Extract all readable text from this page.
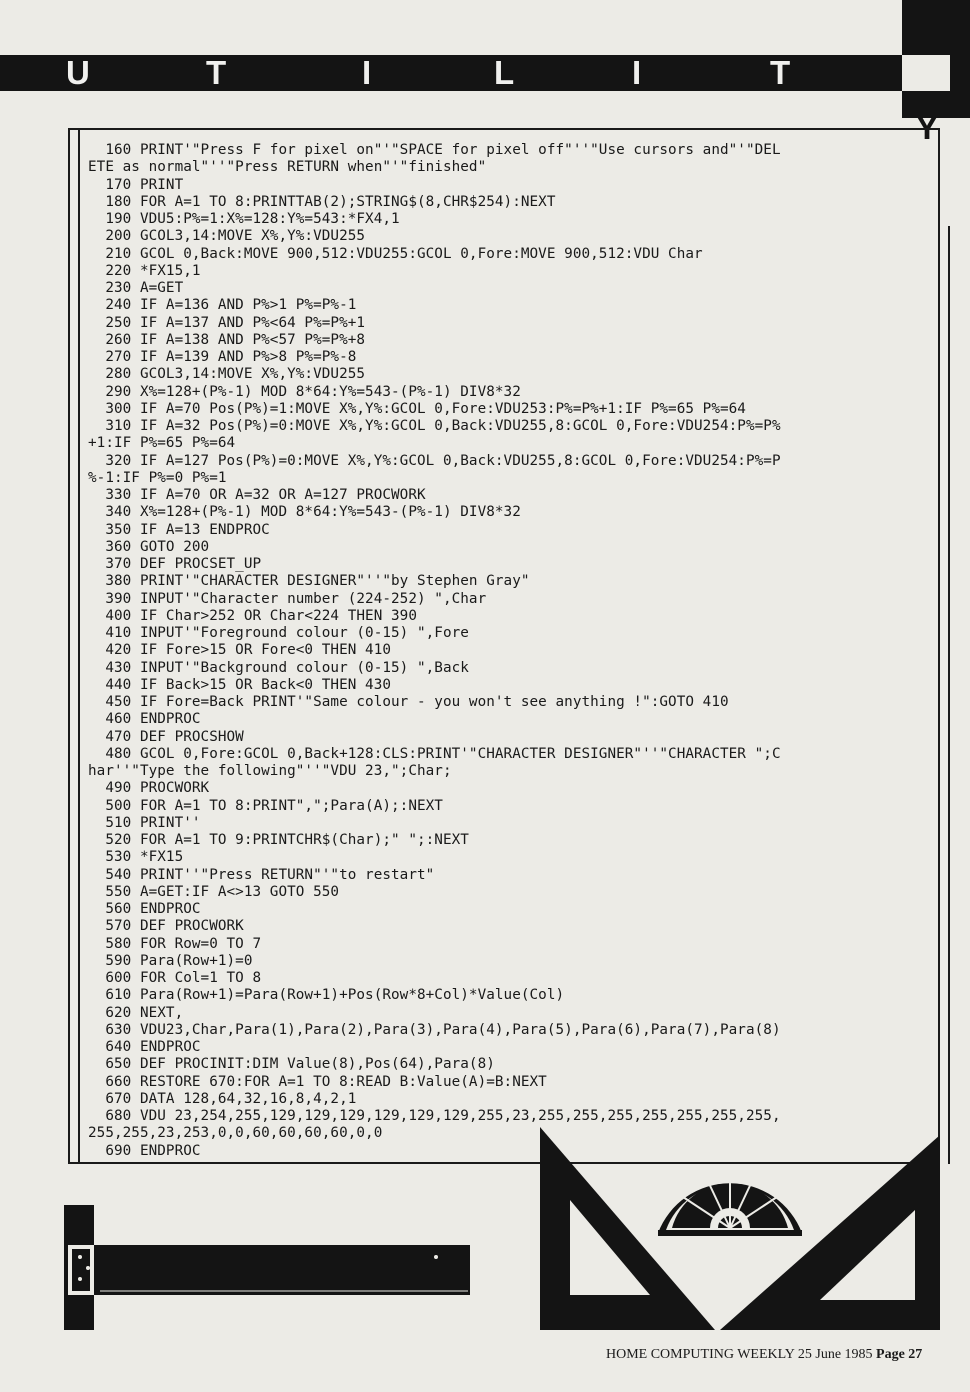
U	T	I	L	I	T
Y
160 PRINT'"Press F for pixel on"'"SPACE for pixel off"''"Use cursors and"'"DEL
ETE as normal"''"Press RETURN when"'"finished"
170 PRINT
180 FOR A=1 TO 8:PRINTTAB(2);STRING$(8,CHR$254):NEXT
190 VDU5:P%=1:X%=128:Y%=543:*FX4,1
200 GCOL3,14:MOVE X%,Y%:VDU255
210 GCOL 0,Back:MOVE 900,512:VDU255:GCOL 0,Fore:MOVE 900,512:VDU Char
220 *FX15,1
230 A=GET
240 IF A=136 AND P%>1 P%=P%-1
250 IF A=137 AND P%<64 P%=P%+1
260 IF A=138 AND P%<57 P%=P%+8
270 IF A=139 AND P%>8 P%=P%-8
280 GCOL3,14:MOVE X%,Y%:VDU255
290 X%=128+(P%-1) MOD 8*64:Y%=543-(P%-1) DIV8*32
300 IF A=70 Pos(P%)=1:MOVE X%,Y%:GCOL 0,Fore:VDU253:P%=P%+1:IF P%=65 P%=64
310 IF A=32 Pos(P%)=0:MOVE X%,Y%:GCOL 0,Back:VDU255,8:GCOL 0,Fore:VDU254:P%=P%
+1:IF P%=65 P%=64
320 IF A=127 Pos(P%)=0:MOVE X%,Y%:GCOL 0,Back:VDU255,8:GCOL 0,Fore:VDU254:P%=P
%-1:IF P%=0 P%=1
330 IF A=70 OR A=32 OR A=127 PROCWORK
340 X%=128+(P%-1) MOD 8*64:Y%=543-(P%-1) DIV8*32
350 IF A=13 ENDPROC
360 GOTO 200
370 DEF PROCSET_UP
380 PRINT'"CHARACTER DESIGNER"''"by Stephen Gray"
390 INPUT'"Character number (224-252) ",Char
400 IF Char>252 OR Char<224 THEN 390
410 INPUT'"Foreground colour (0-15) ",Fore
420 IF Fore>15 OR Fore<0 THEN 410
430 INPUT'"Background colour (0-15) ",Back
440 IF Back>15 OR Back<0 THEN 430
450 IF Fore=Back PRINT'"Same colour - you won't see anything !":GOTO 410
460 ENDPROC
470 DEF PROCSHOW
480 GCOL 0,Fore:GCOL 0,Back+128:CLS:PRINT'"CHARACTER DESIGNER"''"CHARACTER ";C
har''"Type the following"''"VDU 23,";Char;
490 PROCWORK
500 FOR A=1 TO 8:PRINT",";Para(A);:NEXT
510 PRINT''
520 FOR A=1 TO 9:PRINTCHR$(Char);" ";:NEXT
530 *FX15
540 PRINT''"Press RETURN"'"to restart"
550 A=GET:IF A<>13 GOTO 550
560 ENDPROC
570 DEF PROCWORK
580 FOR Row=0 TO 7
590 Para(Row+1)=0
600 FOR Col=1 TO 8
610 Para(Row+1)=Para(Row+1)+Pos(Row*8+Col)*Value(Col)
620 NEXT,
630 VDU23,Char,Para(1),Para(2),Para(3),Para(4),Para(5),Para(6),Para(7),Para(8)
640 ENDPROC
650 DEF PROCINIT:DIM Value(8),Pos(64),Para(8)
660 RESTORE 670:FOR A=1 TO 8:READ B:Value(A)=B:NEXT
670 DATA 128,64,32,16,8,4,2,1
680 VDU 23,254,255,129,129,129,129,129,129,255,23,255,255,255,255,255,255,255,
255,255,23,253,0,0,60,60,60,60,0,0
690 ENDPROC
HOME COMPUTING WEEKLY 25 June 1985 Page 27
